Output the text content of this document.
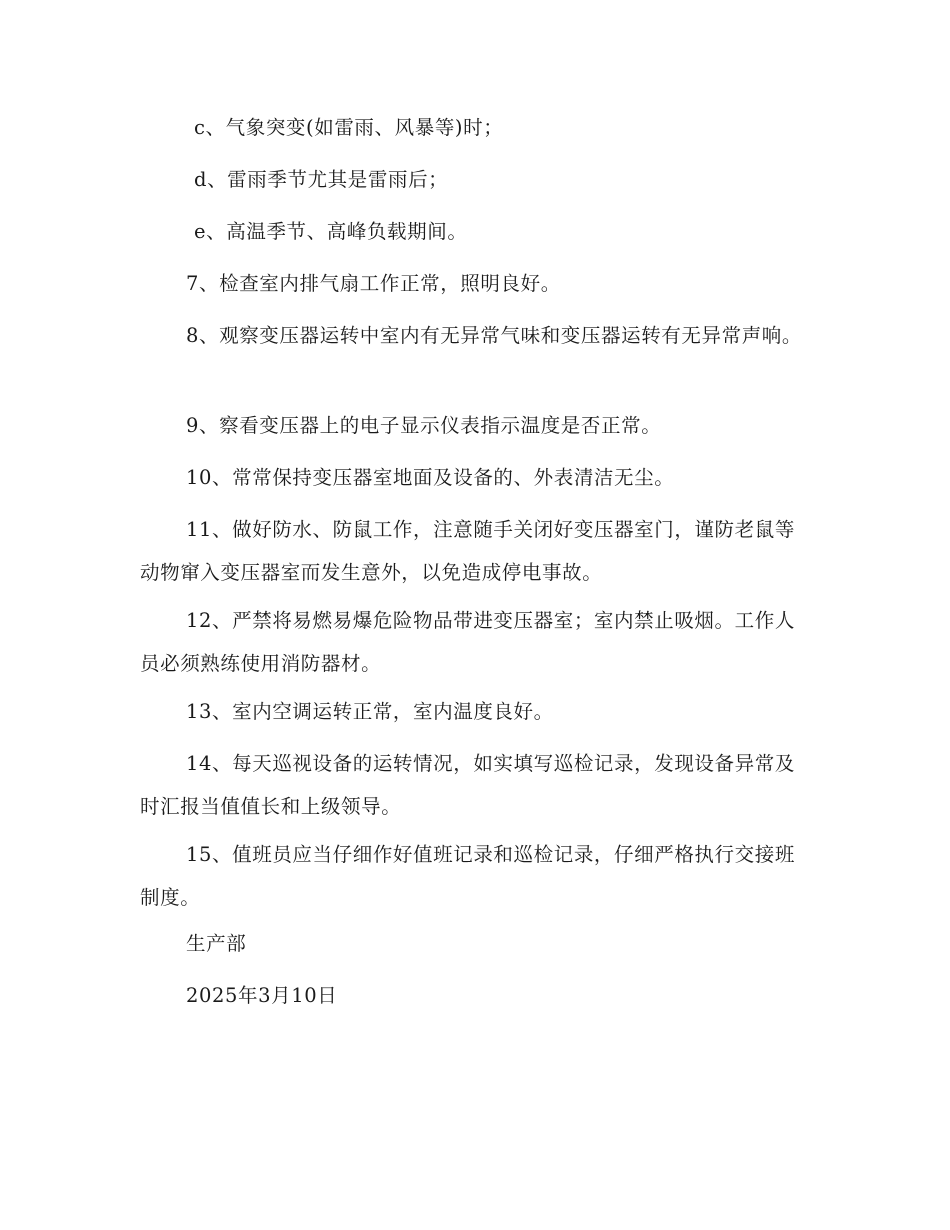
c、气象突变(如雷雨、风暴等)时；

d、雷雨季节尤其是雷雨后；

e、高温季节、高峰负载期间。

7、检查室内排气扇工作正常，照明良好。

8、观察变压器运转中室内有无异常气味和变压器运转有无异常声响。

9、察看变压器上的电子显示仪表指示温度是否正常。

10、常常保持变压器室地面及设备的、外表清洁无尘。

11、做好防水、防鼠工作，注意随手关闭好变压器室门，谨防老鼠等动物窜入变压器室而发生意外，以免造成停电事故。

12、严禁将易燃易爆危险物品带进变压器室；室内禁止吸烟。工作人员必须熟练使用消防器材。

13、室内空调运转正常，室内温度良好。

14、每天巡视设备的运转情况，如实填写巡检记录，发现设备异常及时汇报当值值长和上级领导。

15、值班员应当仔细作好值班记录和巡检记录，仔细严格执行交接班制度。

生产部

2025年3月10日
